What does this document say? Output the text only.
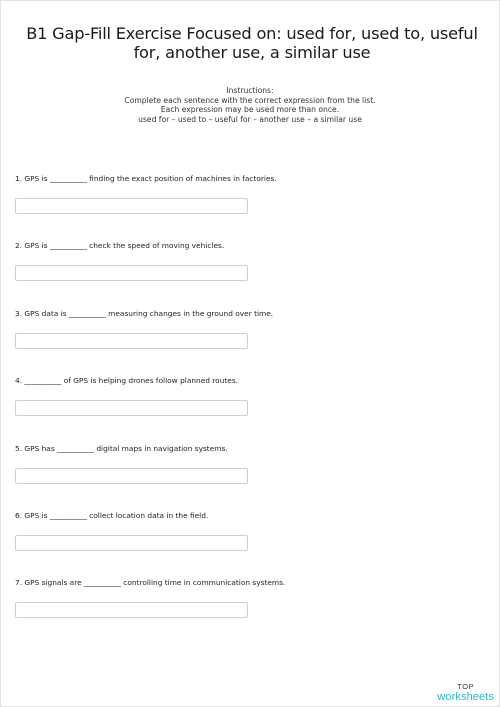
B1 Gap-Fill Exercise Focused on: used for, used to, useful for, another use, a similar use
Instructions:
Complete each sentence with the correct expression from the list.
Each expression may be used more than once.
used for – used to – useful for – another use – a similar use
1. GPS is __________ finding the exact position of machines in factories.
2. GPS is __________ check the speed of moving vehicles.
3. GPS data is __________ measuring changes in the ground over time.
4. __________ of GPS is helping drones follow planned routes.
5. GPS has __________ digital maps in navigation systems.
6. GPS is __________ collect location data in the field.
7. GPS signals are __________ controlling time in communication systems.
TOP
worksheets
